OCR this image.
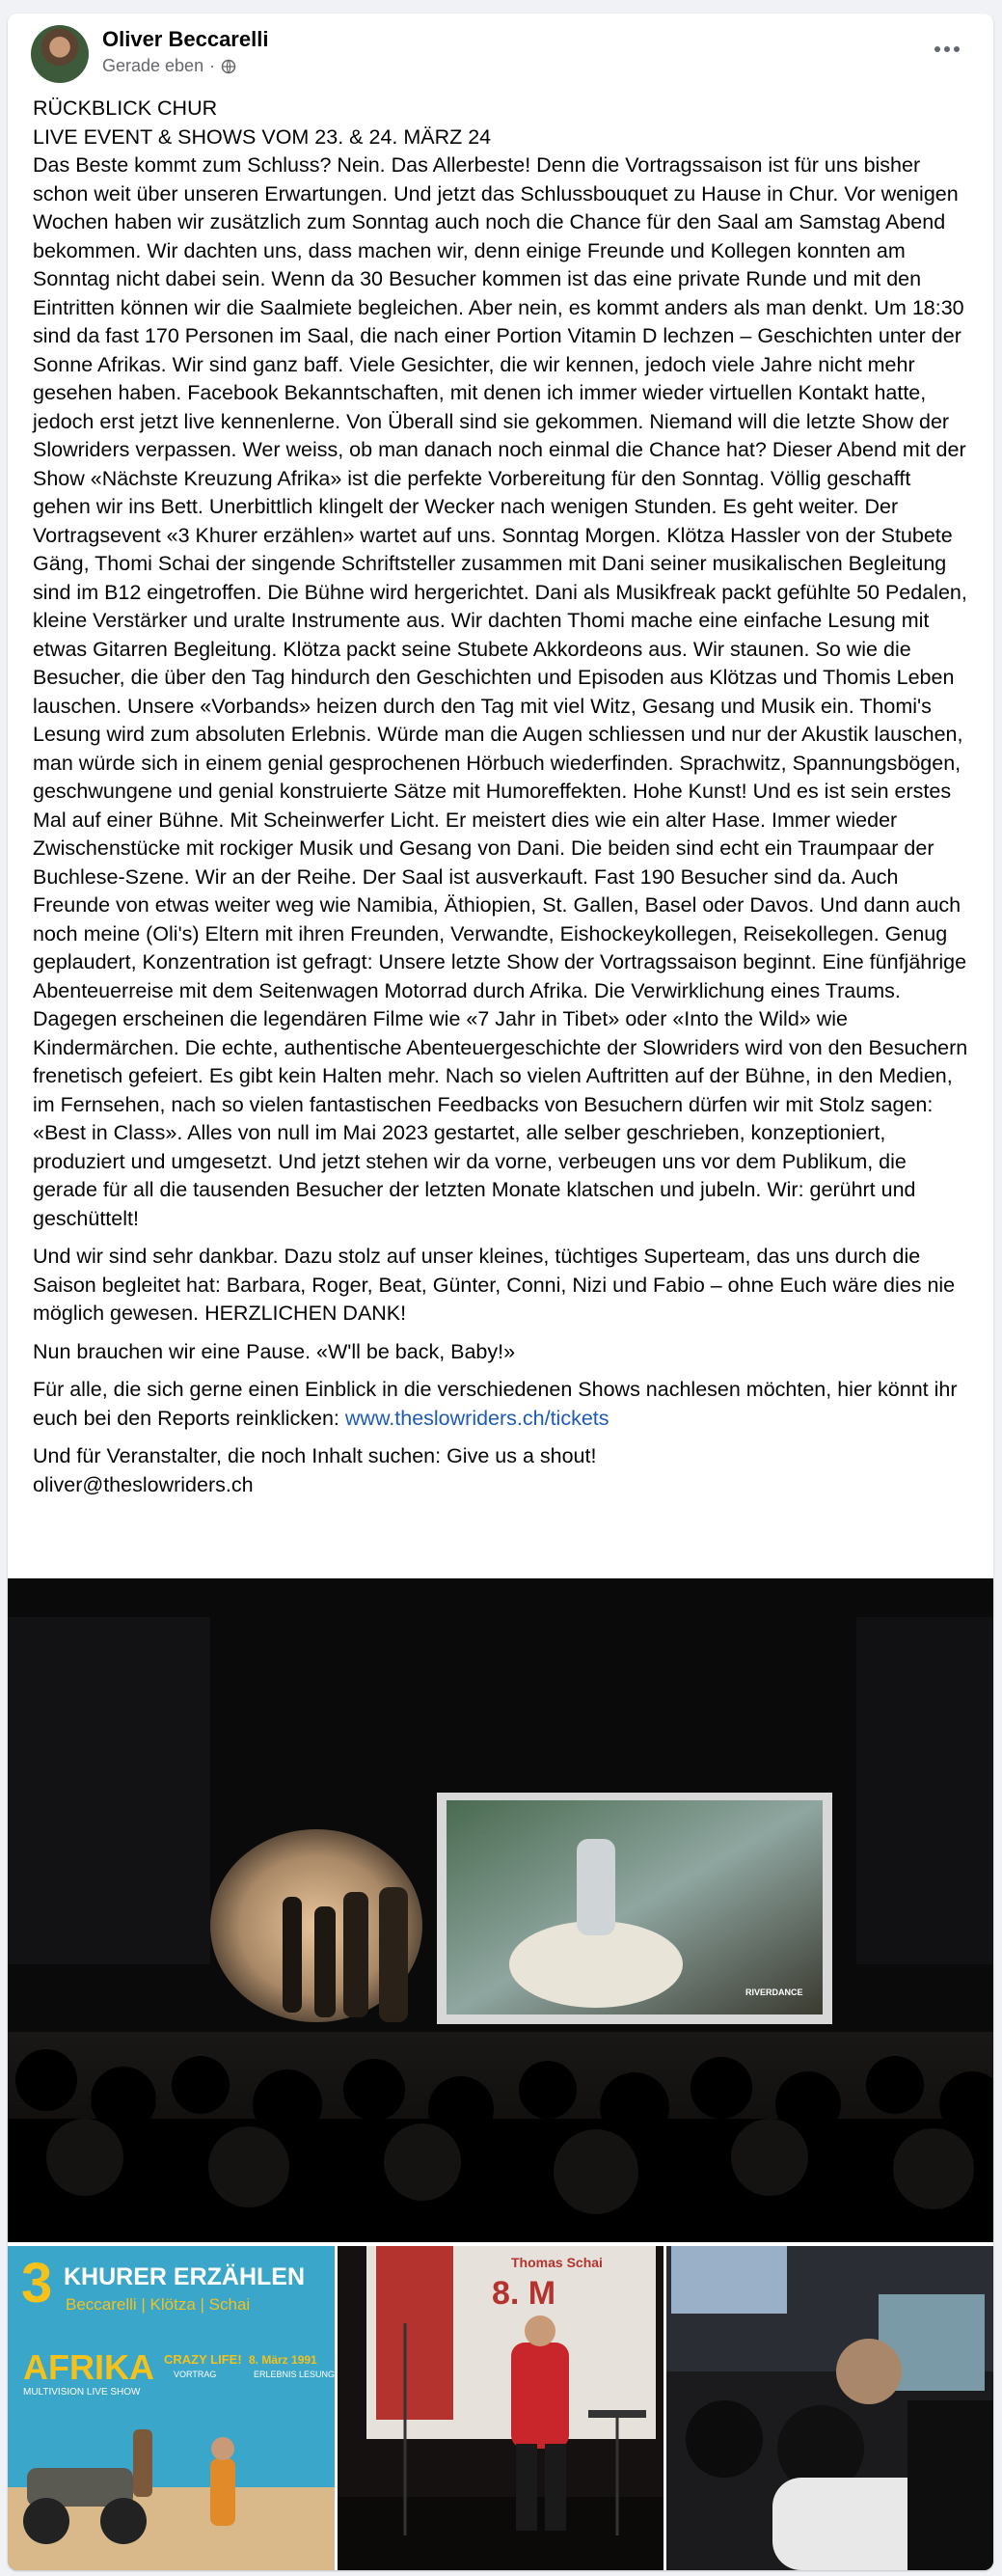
Oliver Beccarelli
Gerade eben ·

RÜCKBLICK CHUR
LIVE EVENT & SHOWS VOM 23. & 24. MÄRZ 24
Das Beste kommt zum Schluss? Nein. Das Allerbeste! Denn die Vortragssaison ist für uns bisher schon weit über unseren Erwartungen. Und jetzt das Schlussbouquet zu Hause in Chur. Vor wenigen Wochen haben wir zusätzlich zum Sonntag auch noch die Chance für den Saal am Samstag Abend bekommen. Wir dachten uns, dass machen wir, denn einige Freunde und Kollegen konnten am Sonntag nicht dabei sein. Wenn da 30 Besucher kommen ist das eine private Runde und mit den Eintritten können wir die Saalmiete begleichen. Aber nein, es kommt anders als man denkt. Um 18:30 sind da fast 170 Personen im Saal, die nach einer Portion Vitamin D lechzen – Geschichten unter der Sonne Afrikas. Wir sind ganz baff. Viele Gesichter, die wir kennen, jedoch viele Jahre nicht mehr gesehen haben. Facebook Bekanntschaften, mit denen ich immer wieder virtuellen Kontakt hatte, jedoch erst jetzt live kennenlerne. Von Überall sind sie gekommen. Niemand will die letzte Show der Slowriders verpassen. Wer weiss, ob man danach noch einmal die Chance hat? Dieser Abend mit der Show «Nächste Kreuzung Afrika» ist die perfekte Vorbereitung für den Sonntag. Völlig geschafft gehen wir ins Bett. Unerbittlich klingelt der Wecker nach wenigen Stunden. Es geht weiter. Der Vortragsevent «3 Khurer erzählen» wartet auf uns. Sonntag Morgen. Klötza Hassler von der Stubete Gäng, Thomi Schai der singende Schriftsteller zusammen mit Dani seiner musikalischen Begleitung sind im B12 eingetroffen. Die Bühne wird hergerichtet. Dani als Musikfreak packt gefühlte 50 Pedalen, kleine Verstärker und uralte Instrumente aus. Wir dachten Thomi mache eine einfache Lesung mit etwas Gitarren Begleitung. Klötza packt seine Stubete Akkordeons aus. Wir staunen. So wie die Besucher, die über den Tag hindurch den Geschichten und Episoden aus Klötzas und Thomis Leben lauschen. Unsere «Vorbands» heizen durch den Tag mit viel Witz, Gesang und Musik ein. Thomi's Lesung wird zum absoluten Erlebnis. Würde man die Augen schliessen und nur der Akustik lauschen, man würde sich in einem genial gesprochenen Hörbuch wiederfinden. Sprachwitz, Spannungsbögen, geschwungene und genial konstruierte Sätze mit Humoreffekten. Hohe Kunst! Und es ist sein erstes Mal auf einer Bühne. Mit Scheinwerfer Licht. Er meistert dies wie ein alter Hase. Immer wieder Zwischenstücke mit rockiger Musik und Gesang von Dani. Die beiden sind echt ein Traumpaar der Buchlese-Szene. Wir an der Reihe. Der Saal ist ausverkauft. Fast 190 Besucher sind da. Auch Freunde von etwas weiter weg wie Namibia, Äthiopien, St. Gallen, Basel oder Davos. Und dann auch noch meine (Oli's) Eltern mit ihren Freunden, Verwandte, Eishockeykollegen, Reisekollegen. Genug geplaudert, Konzentration ist gefragt: Unsere letzte Show der Vortragssaison beginnt. Eine fünfjährige Abenteuerreise mit dem Seitenwagen Motorrad durch Afrika. Die Verwirklichung eines Traums. Dagegen erscheinen die legendären Filme wie «7 Jahr in Tibet» oder «Into the Wild» wie Kindermärchen. Die echte, authentische Abenteuergeschichte der Slowriders wird von den Besuchern frenetisch gefeiert. Es gibt kein Halten mehr. Nach so vielen Auftritten auf der Bühne, in den Medien, im Fernsehen, nach so vielen fantastischen Feedbacks von Besuchern dürfen wir mit Stolz sagen: «Best in Class». Alles von null im Mai 2023 gestartet, alle selber geschrieben, konzeptioniert, produziert und umgesetzt. Und jetzt stehen wir da vorne, verbeugen uns vor dem Publikum, die gerade für all die tausenden Besucher der letzten Monate klatschen und jubeln. Wir: gerührt und geschüttelt!

Und wir sind sehr dankbar. Dazu stolz auf unser kleines, tüchtiges Superteam, das uns durch die Saison begleitet hat: Barbara, Roger, Beat, Günter, Conni, Nizi und Fabio – ohne Euch wäre dies nie möglich gewesen. HERZLICHEN DANK!

Nun brauchen wir eine Pause. «W'll be back, Baby!»

Für alle, die sich gerne einen Einblick in die verschiedenen Shows nachlesen möchten, hier könnt ihr euch bei den Reports reinklicken: www.theslowriders.ch/tickets

Und für Veranstalter, die noch Inhalt suchen: Give us a shout!
oliver@theslowriders.ch

RIVERDANCE
3 KHURER ERZÄHLEN
Beccarelli | Klötza | Schai
AFRIKA
MULTIVISION LIVE SHOW
CRAZY LIFE!
VORTRAG
8. März 1991
ERLEBNIS LESUNG
Thomas Schai
8. M
